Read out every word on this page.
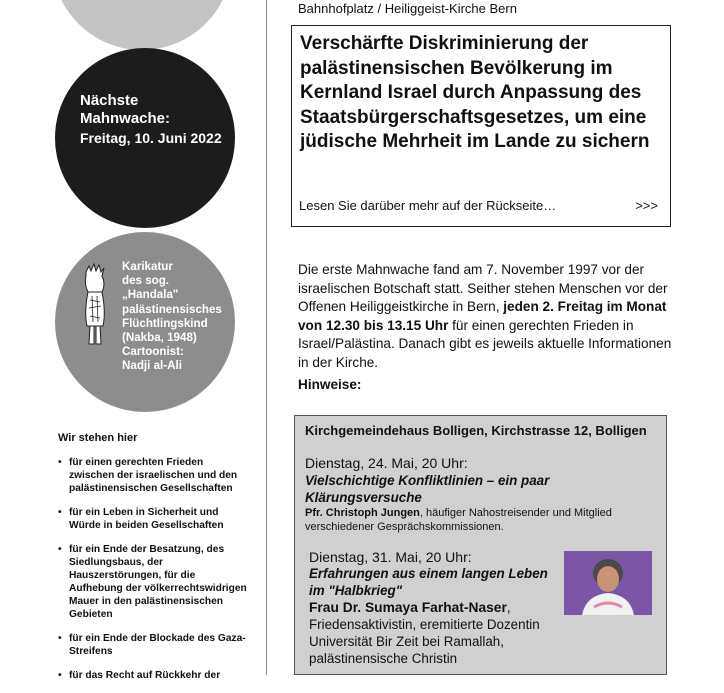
Nächste Mahnwache:
Freitag, 10. Juni 2022
Karikatur
des sog.
„Handala"
palästinensisches
Flüchtlingskind
(Nakba, 1948)
Cartoonist:
Nadji al-Ali
Wir stehen hier
• für einen gerechten Frieden zwischen der israelischen und den palästinensischen Gesellschaften
• für ein Leben in Sicherheit und Würde in beiden Gesellschaften
• für ein Ende der Besatzung, des Siedlungsbaus, der Hauszerstörungen, für die Aufhebung der völkerrechtswidrigen Mauer in den palästinensischen Gebieten
• für ein Ende der Blockade des Gaza-Streifens
• für das Recht auf Rückkehr der
Bahnhofplatz / Heiliggeist-Kirche Bern
Verschärfte Diskriminierung der palästinensischen Bevölkerung im Kernland Israel durch Anpassung des Staatsbürgerschaftsgesetzes, um eine jüdische Mehrheit im Lande zu sichern
Lesen Sie darüber mehr auf der Rückseite…	>>>
Die erste Mahnwache fand am 7. November 1997 vor der israelischen Botschaft statt. Seither stehen Menschen vor der Offenen Heiliggeistkirche in Bern, jeden 2. Freitag im Monat von 12.30 bis 13.15 Uhr für einen gerechten Frieden in Israel/Palästina. Danach gibt es jeweils aktuelle Informationen in der Kirche.
Hinweise:
Kirchgemeindehaus Bolligen, Kirchstrasse 12, Bolligen
Dienstag, 24. Mai, 20 Uhr:
Vielschichtige Konfliktlinien – ein paar Klärungsversuche
Pfr. Christoph Jungen, häufiger Nahostreisender und Mitglied verschiedener Gesprächskommissionen.
Dienstag, 31. Mai, 20 Uhr:
Erfahrungen aus einem langen Leben im "Halbkrieg"
Frau Dr. Sumaya Farhat-Naser, Friedensaktivistin, eremitierte Dozentin Universität Bir Zeit bei Ramallah, palästinensische Christin
